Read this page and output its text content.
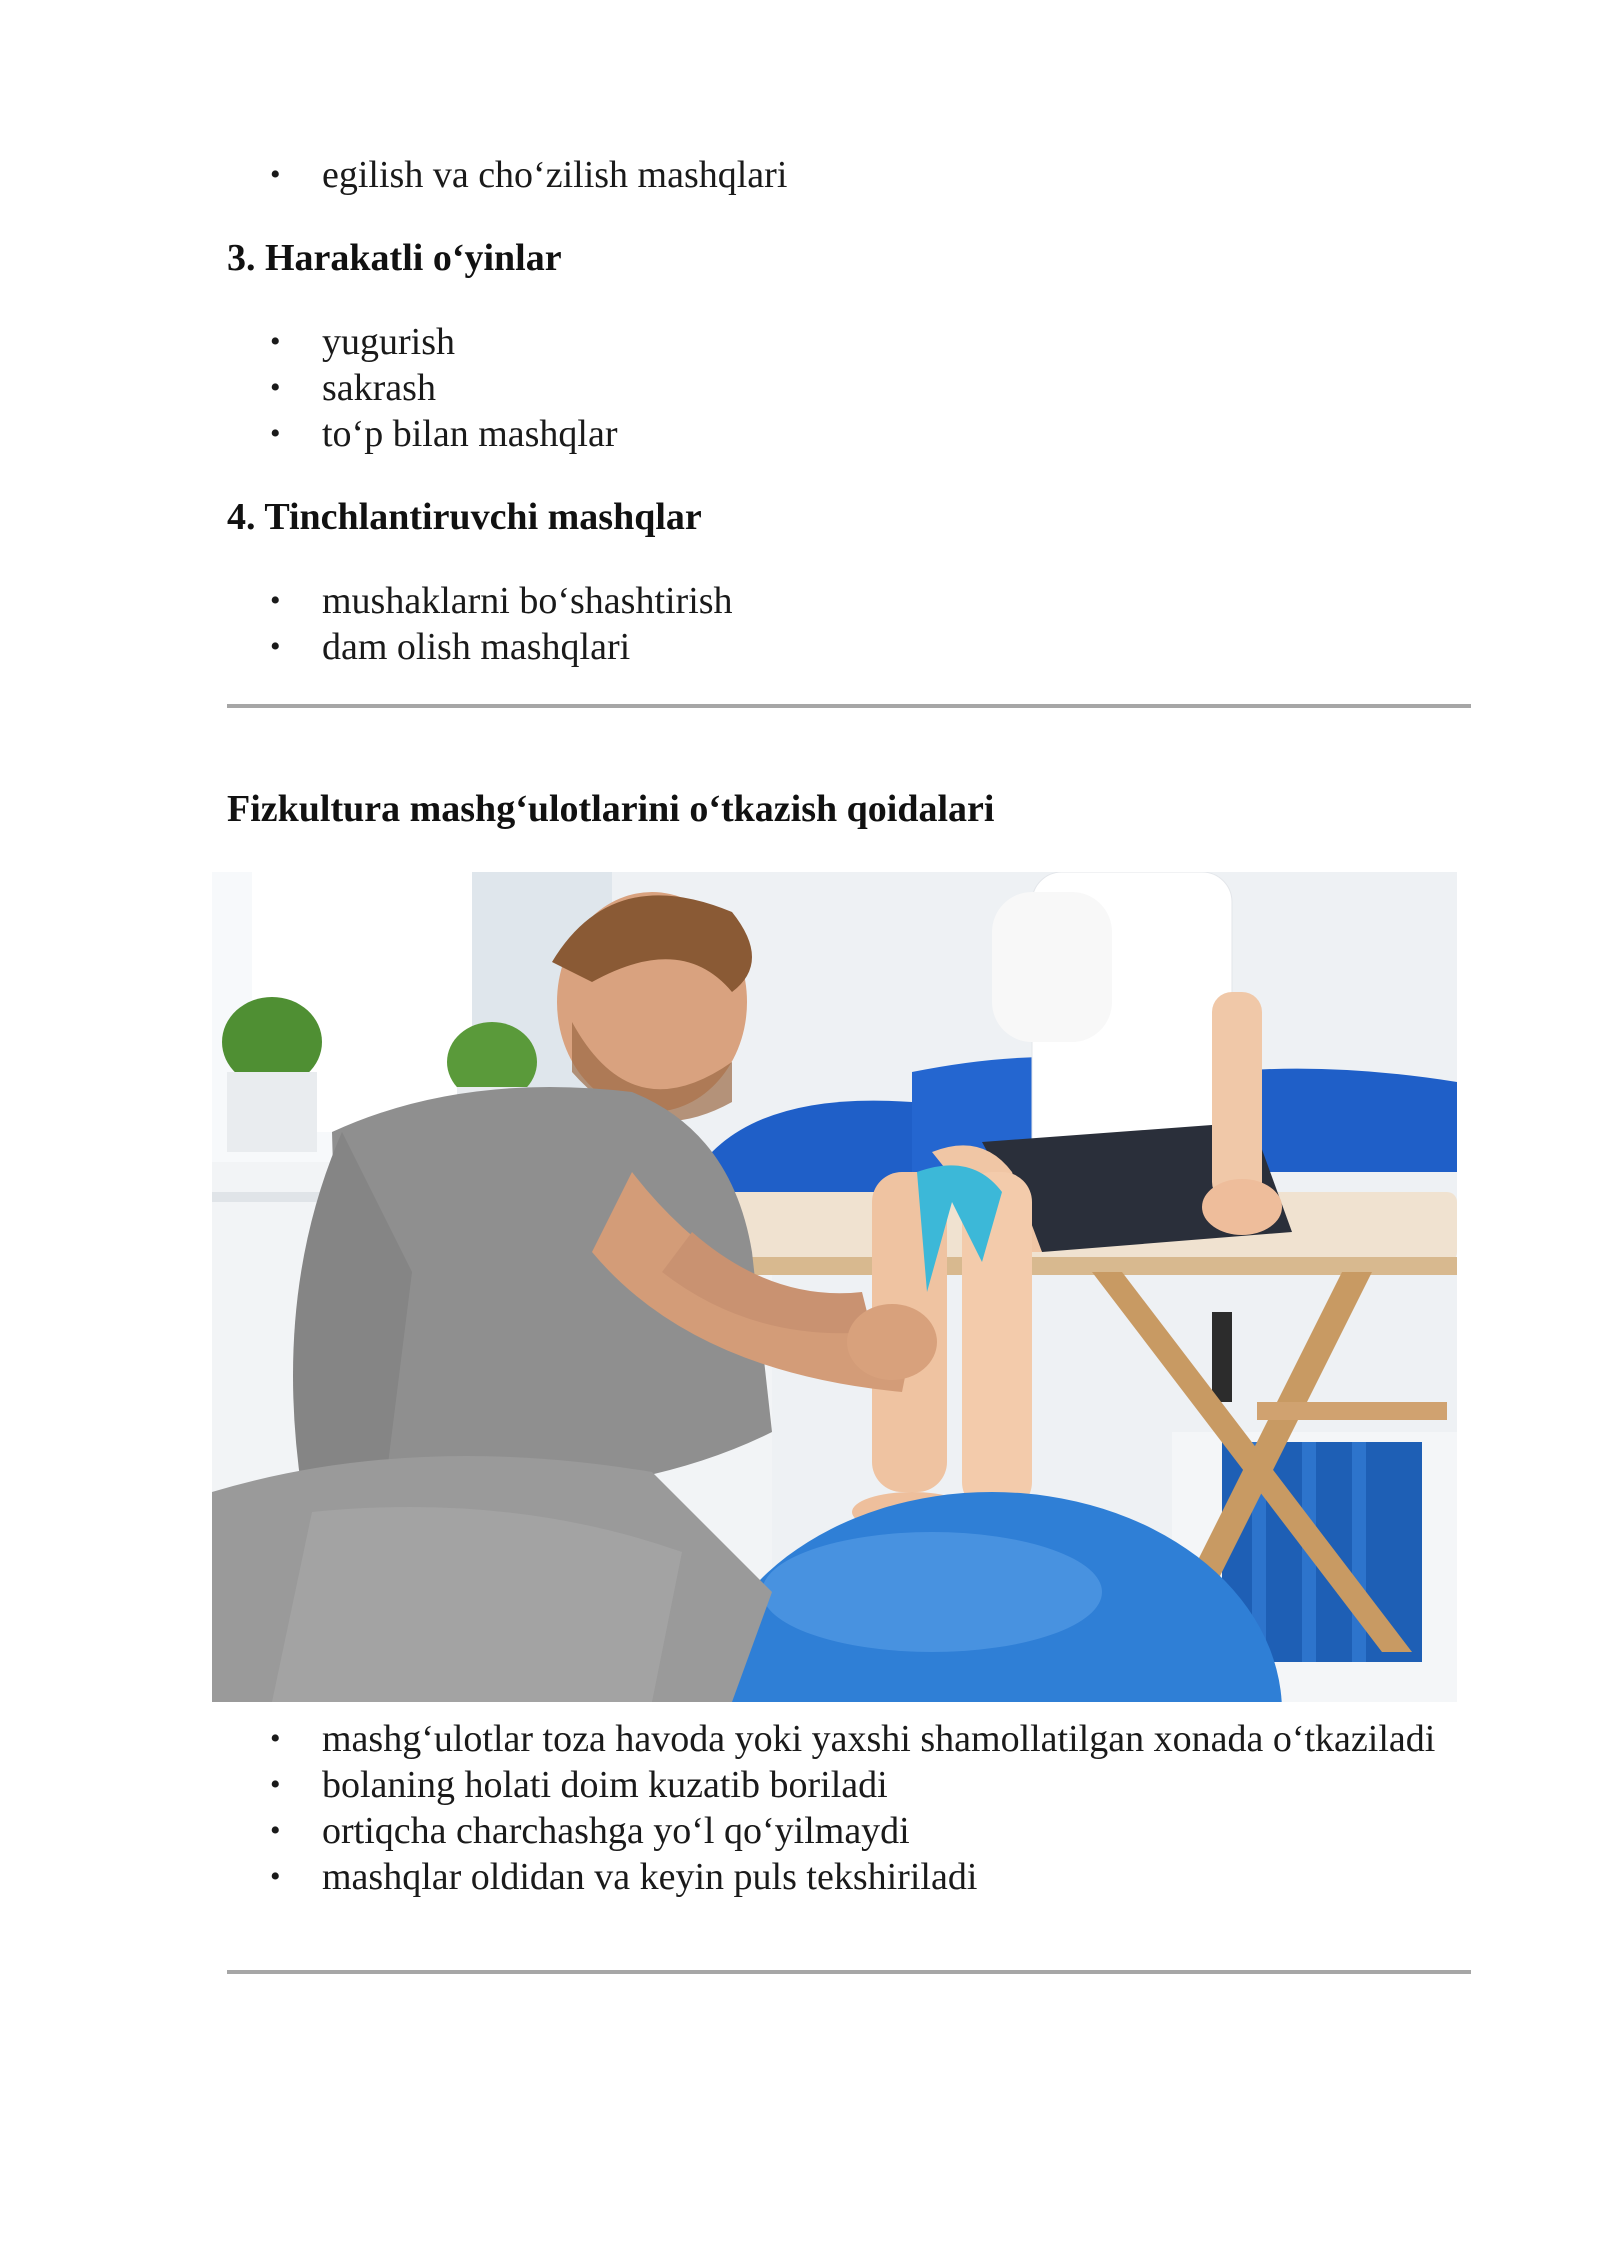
•	egilish va cho‘zilish mashqlari
3. Harakatli o‘yinlar
•	yugurish
•	sakrash
•	to‘p bilan mashqlar
4. Tinchlantiruvchi mashqlar
•	mushaklarni bo‘shashtirish
•	dam olish mashqlari
Fizkultura mashg‘ulotlarini o‘tkazish qoidalari
•	mashg‘ulotlar toza havoda yoki yaxshi shamollatilgan xonada o‘tkaziladi
•	bolaning holati doim kuzatib boriladi
•	ortiqcha charchashga yo‘l qo‘yilmaydi
•	mashqlar oldidan va keyin puls tekshiriladi
